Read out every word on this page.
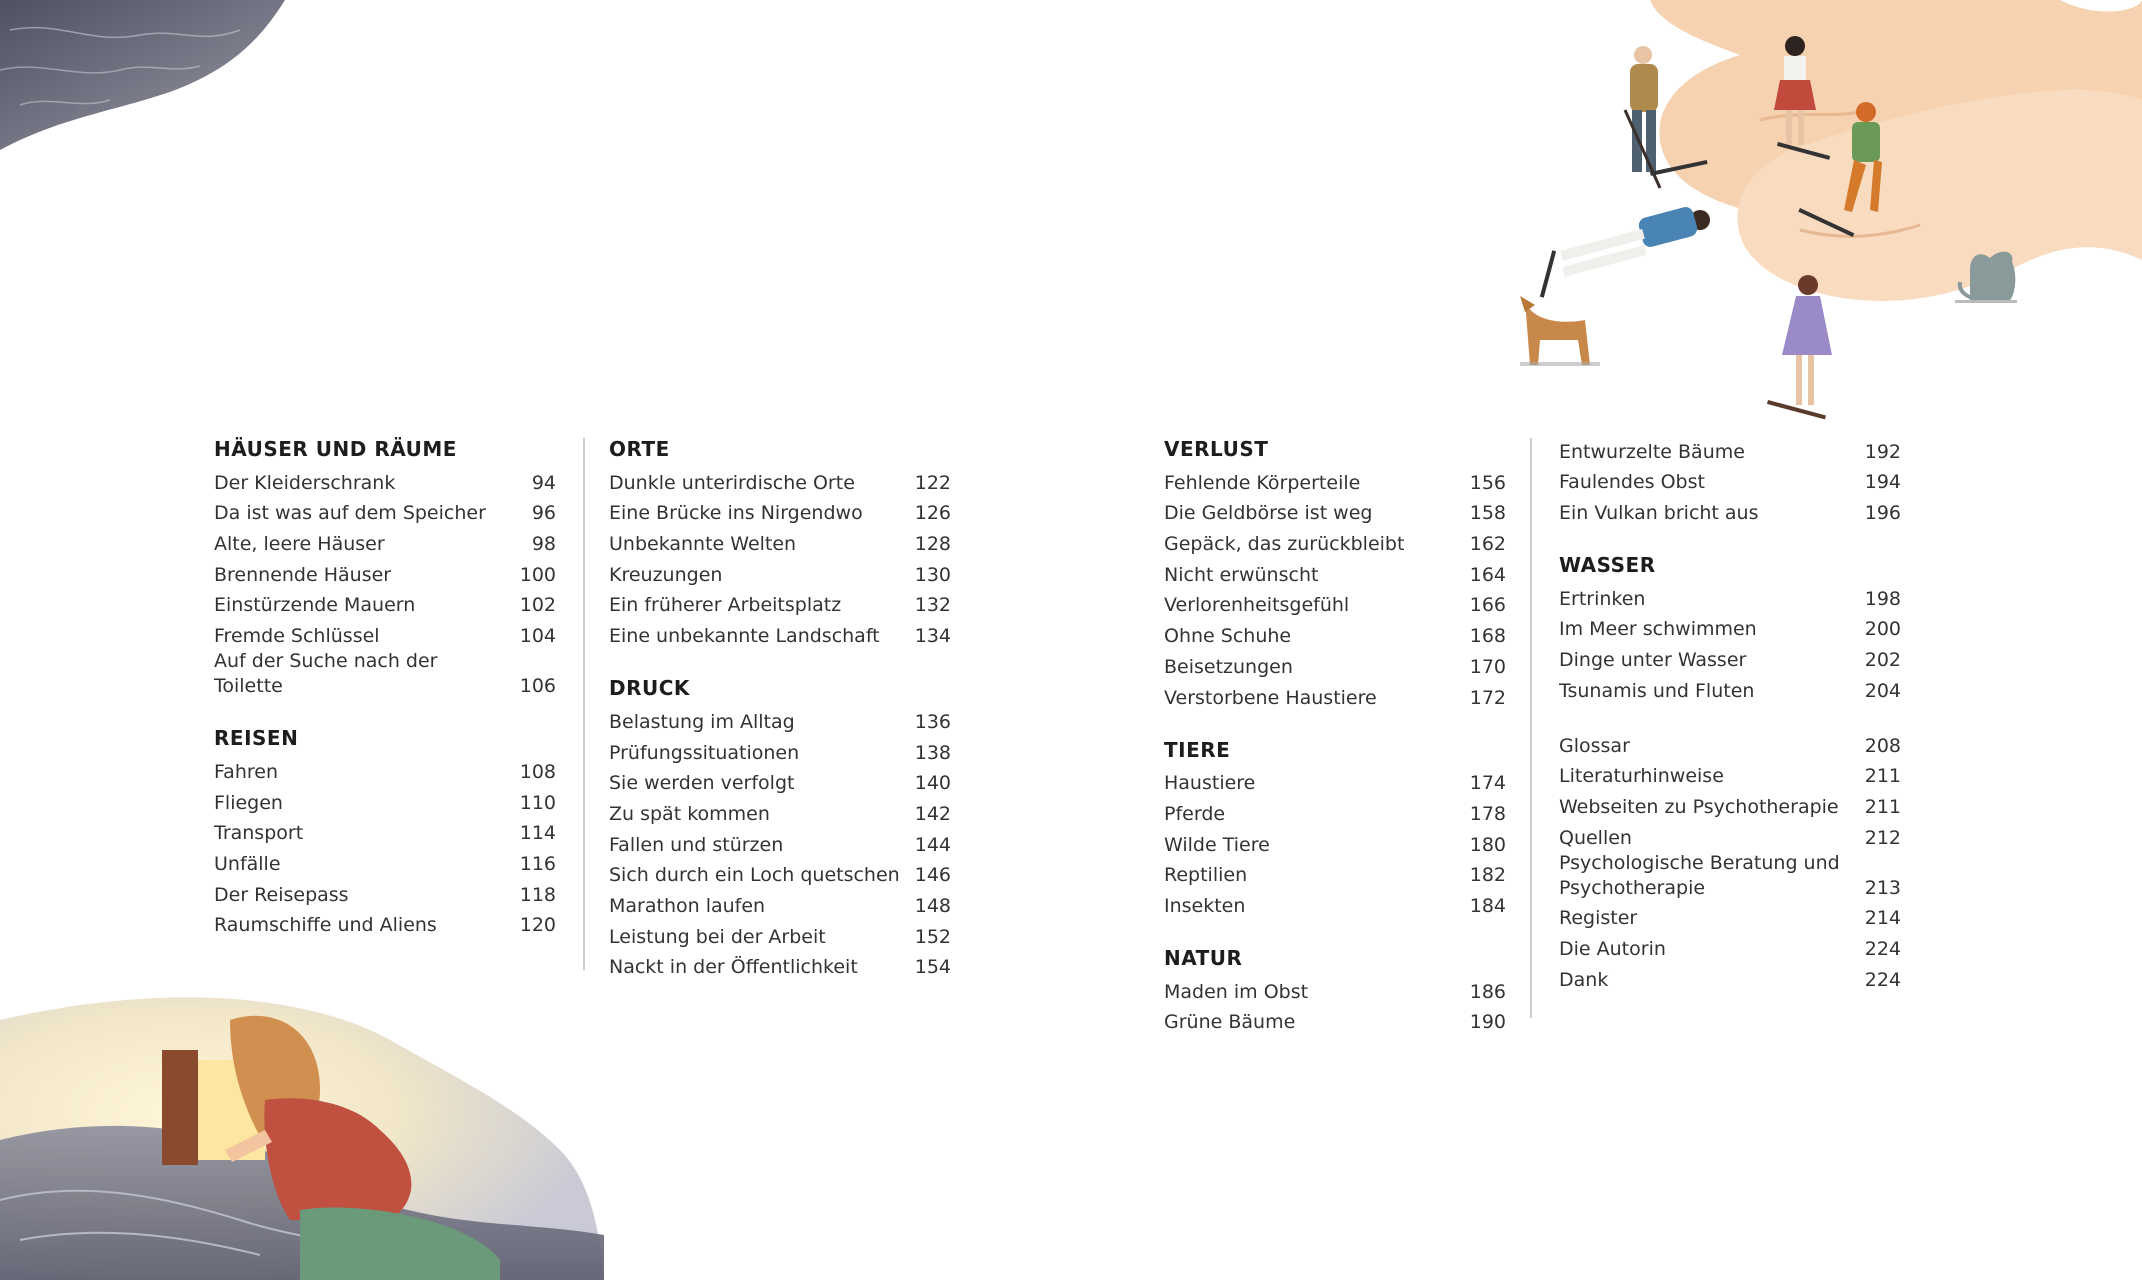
HÄUSER UND RÄUME
Der Kleiderschrank	94
Da ist was auf dem Speicher	96
Alte, leere Häuser	98
Brennende Häuser	100
Einstürzende Mauern	102
Fremde Schlüssel	104
Auf der Suche nach der Toilette	106
REISEN
Fahren	108
Fliegen	110
Transport	114
Unfälle	116
Der Reisepass	118
Raumschiffe und Aliens	120
ORTE
Dunkle unterirdische Orte	122
Eine Brücke ins Nirgendwo	126
Unbekannte Welten	128
Kreuzungen	130
Ein früherer Arbeitsplatz	132
Eine unbekannte Landschaft	134
DRUCK
Belastung im Alltag	136
Prüfungssituationen	138
Sie werden verfolgt	140
Zu spät kommen	142
Fallen und stürzen	144
Sich durch ein Loch quetschen 146
Marathon laufen	148
Leistung bei der Arbeit	152
Nackt in der Öffentlichkeit	154
VERLUST
Fehlende Körperteile	156
Die Geldbörse ist weg	158
Gepäck, das zurückbleibt	162
Nicht erwünscht	164
Verlorenheitsgefühl	166
Ohne Schuhe	168
Beisetzungen	170
Verstorbene Haustiere	172
TIERE
Haustiere	174
Pferde	178
Wilde Tiere	180
Reptilien	182
Insekten	184
NATUR
Maden im Obst	186
Grüne Bäume	190
Entwurzelte Bäume	192
Faulendes Obst	194
Ein Vulkan bricht aus	196
WASSER
Ertrinken	198
Im Meer schwimmen	200
Dinge unter Wasser	202
Tsunamis und Fluten	204
Glossar	208
Literaturhinweise	211
Webseiten zu Psychotherapie	211
Quellen	212
Psychologische Beratung und
Psychotherapie	213
Register	214
Die Autorin	224
Dank	224
